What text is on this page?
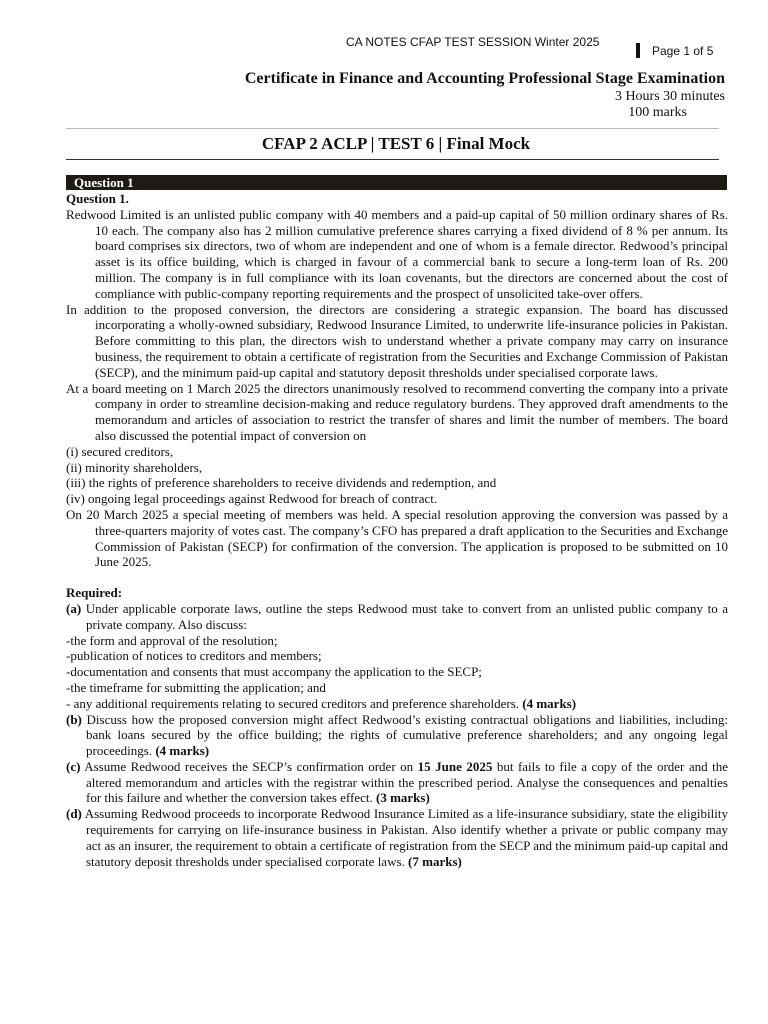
CA NOTES CFAP TEST SESSION Winter 2025
Page 1 of 5
Certificate in Finance and Accounting Professional Stage Examination
3 Hours 30 minutes
100 marks
CFAP 2 ACLP | TEST 6 | Final Mock
Question 1
Question 1.

Redwood Limited is an unlisted public company with 40 members and a paid-up capital of 50 million ordinary shares of Rs. 10 each. The company also has 2 million cumulative preference shares carrying a fixed dividend of 8 % per annum. Its board comprises six directors, two of whom are independent and one of whom is a female director. Redwood’s principal asset is its office building, which is charged in favour of a commercial bank to secure a long-term loan of Rs. 200 million. The company is in full compliance with its loan covenants, but the directors are concerned about the cost of compliance with public-company reporting requirements and the prospect of unsolicited take-over offers.

In addition to the proposed conversion, the directors are considering a strategic expansion. The board has discussed incorporating a wholly-owned subsidiary, Redwood Insurance Limited, to underwrite life-insurance policies in Pakistan. Before committing to this plan, the directors wish to understand whether a private company may carry on insurance business, the requirement to obtain a certificate of registration from the Securities and Exchange Commission of Pakistan (SECP), and the minimum paid-up capital and statutory deposit thresholds under specialised corporate laws.

At a board meeting on 1 March 2025 the directors unanimously resolved to recommend converting the company into a private company in order to streamline decision-making and reduce regulatory burdens. They approved draft amendments to the memorandum and articles of association to restrict the transfer of shares and limit the number of members. The board also discussed the potential impact of conversion on

(i) secured creditors,
(ii) minority shareholders,
(iii) the rights of preference shareholders to receive dividends and redemption, and
(iv) ongoing legal proceedings against Redwood for breach of contract.

On 20 March 2025 a special meeting of members was held. A special resolution approving the conversion was passed by a three-quarters majority of votes cast. The company’s CFO has prepared a draft application to the Securities and Exchange Commission of Pakistan (SECP) for confirmation of the conversion. The application is proposed to be submitted on 10 June 2025.

Required:
(a) Under applicable corporate laws, outline the steps Redwood must take to convert from an unlisted public company to a private company. Also discuss:
-the form and approval of the resolution;
-publication of notices to creditors and members;
-documentation and consents that must accompany the application to the SECP;
-the timeframe for submitting the application; and
- any additional requirements relating to secured creditors and preference shareholders. (4 marks)
(b) Discuss how the proposed conversion might affect Redwood’s existing contractual obligations and liabilities, including: bank loans secured by the office building; the rights of cumulative preference shareholders; and any ongoing legal proceedings. (4 marks)
(c) Assume Redwood receives the SECP’s confirmation order on 15 June 2025 but fails to file a copy of the order and the altered memorandum and articles with the registrar within the prescribed period. Analyse the consequences and penalties for this failure and whether the conversion takes effect. (3 marks)
(d) Assuming Redwood proceeds to incorporate Redwood Insurance Limited as a life-insurance subsidiary, state the eligibility requirements for carrying on life-insurance business in Pakistan. Also identify whether a private or public company may act as an insurer, the requirement to obtain a certificate of registration from the SECP and the minimum paid-up capital and statutory deposit thresholds under specialised corporate laws. (7 marks)
